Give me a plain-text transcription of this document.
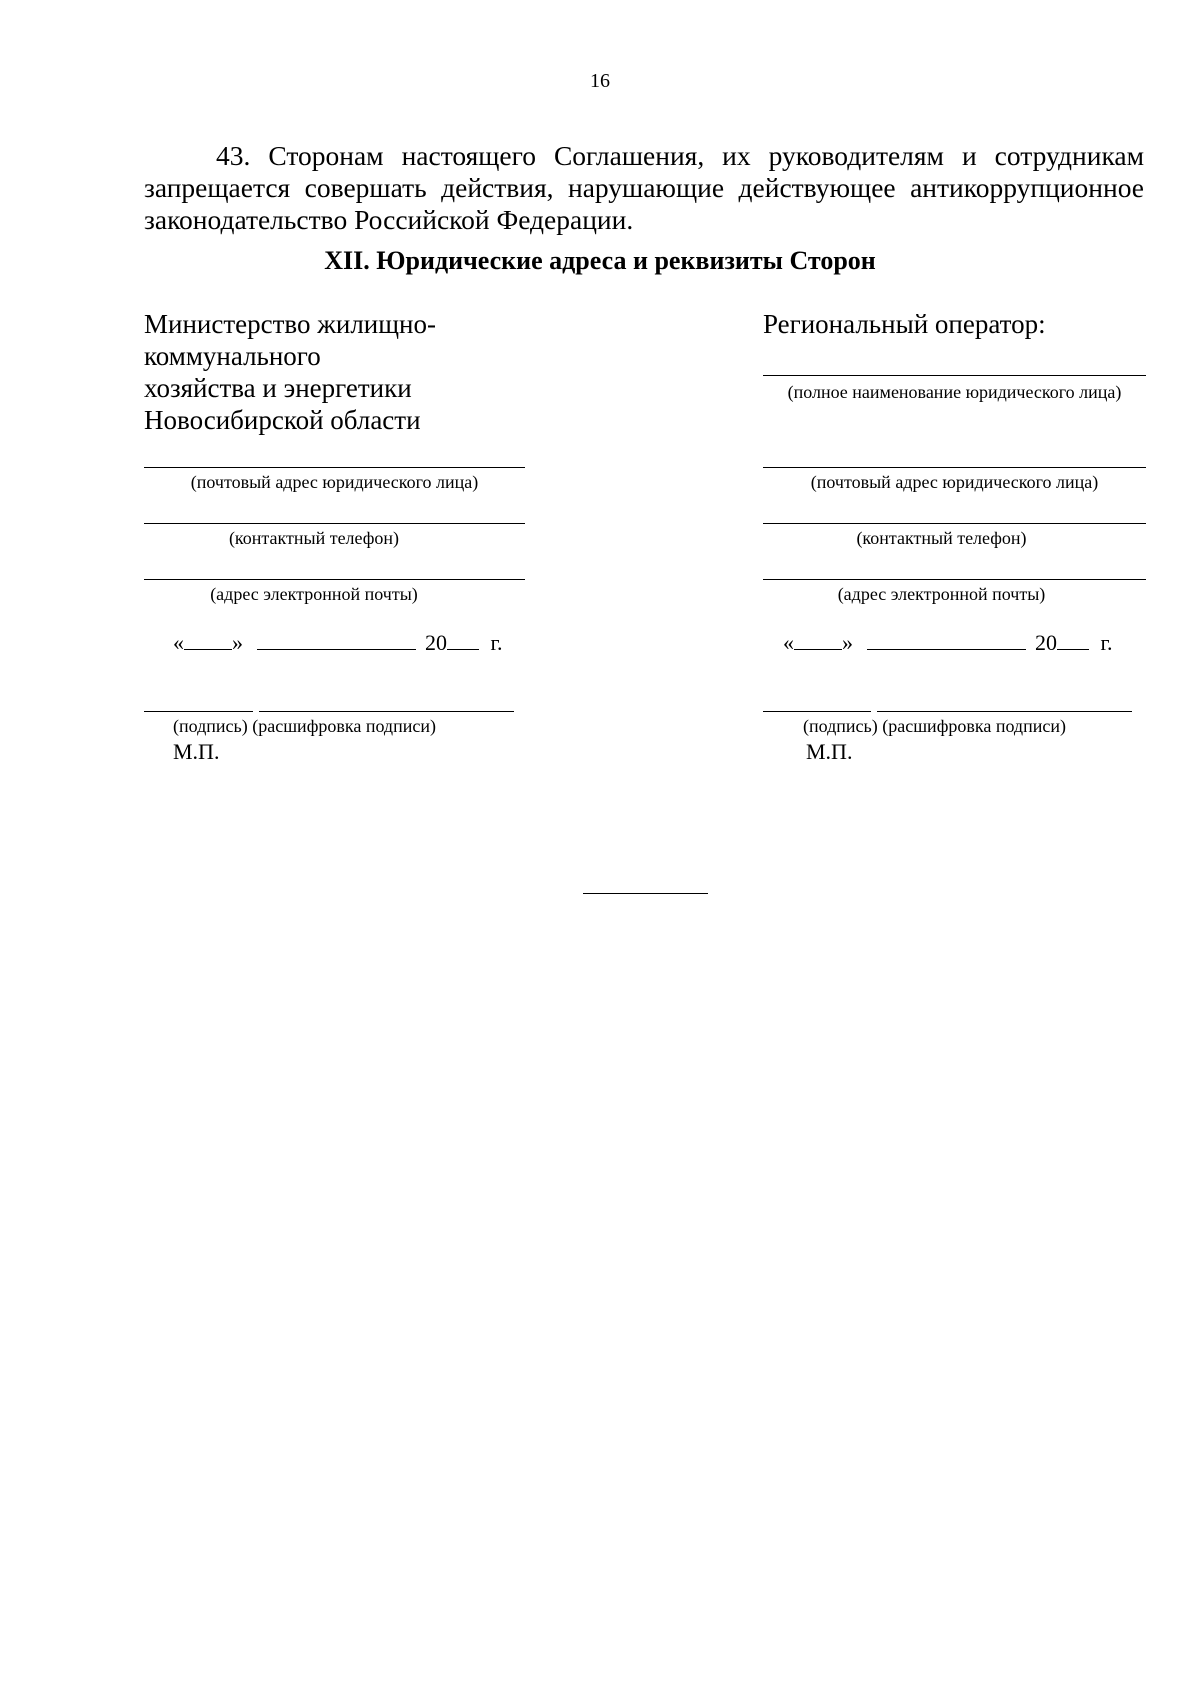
16

43. Сторонам настоящего Соглашения, их руководителям и сотрудникам запрещается совершать действия, нарушающие действующее антикоррупционное законодательство Российской Федерации.

XII. Юридические адреса и реквизиты Сторон
Министерство жилищно-
коммунального
хозяйства и энергетики
Новосибирской области
(почтовый адрес юридического лица)
(контактный телефон)
(адрес электронной почты)
« »	20 г.
(подпись) (расшифровка подписи)
М.П.
Региональный оператор:
(полное наименование юридического лица)
(почтовый адрес юридического лица)
(контактный телефон)
(адрес электронной почты)
« »	20 г.
(подпись) (расшифровка подписи)
М.П.
